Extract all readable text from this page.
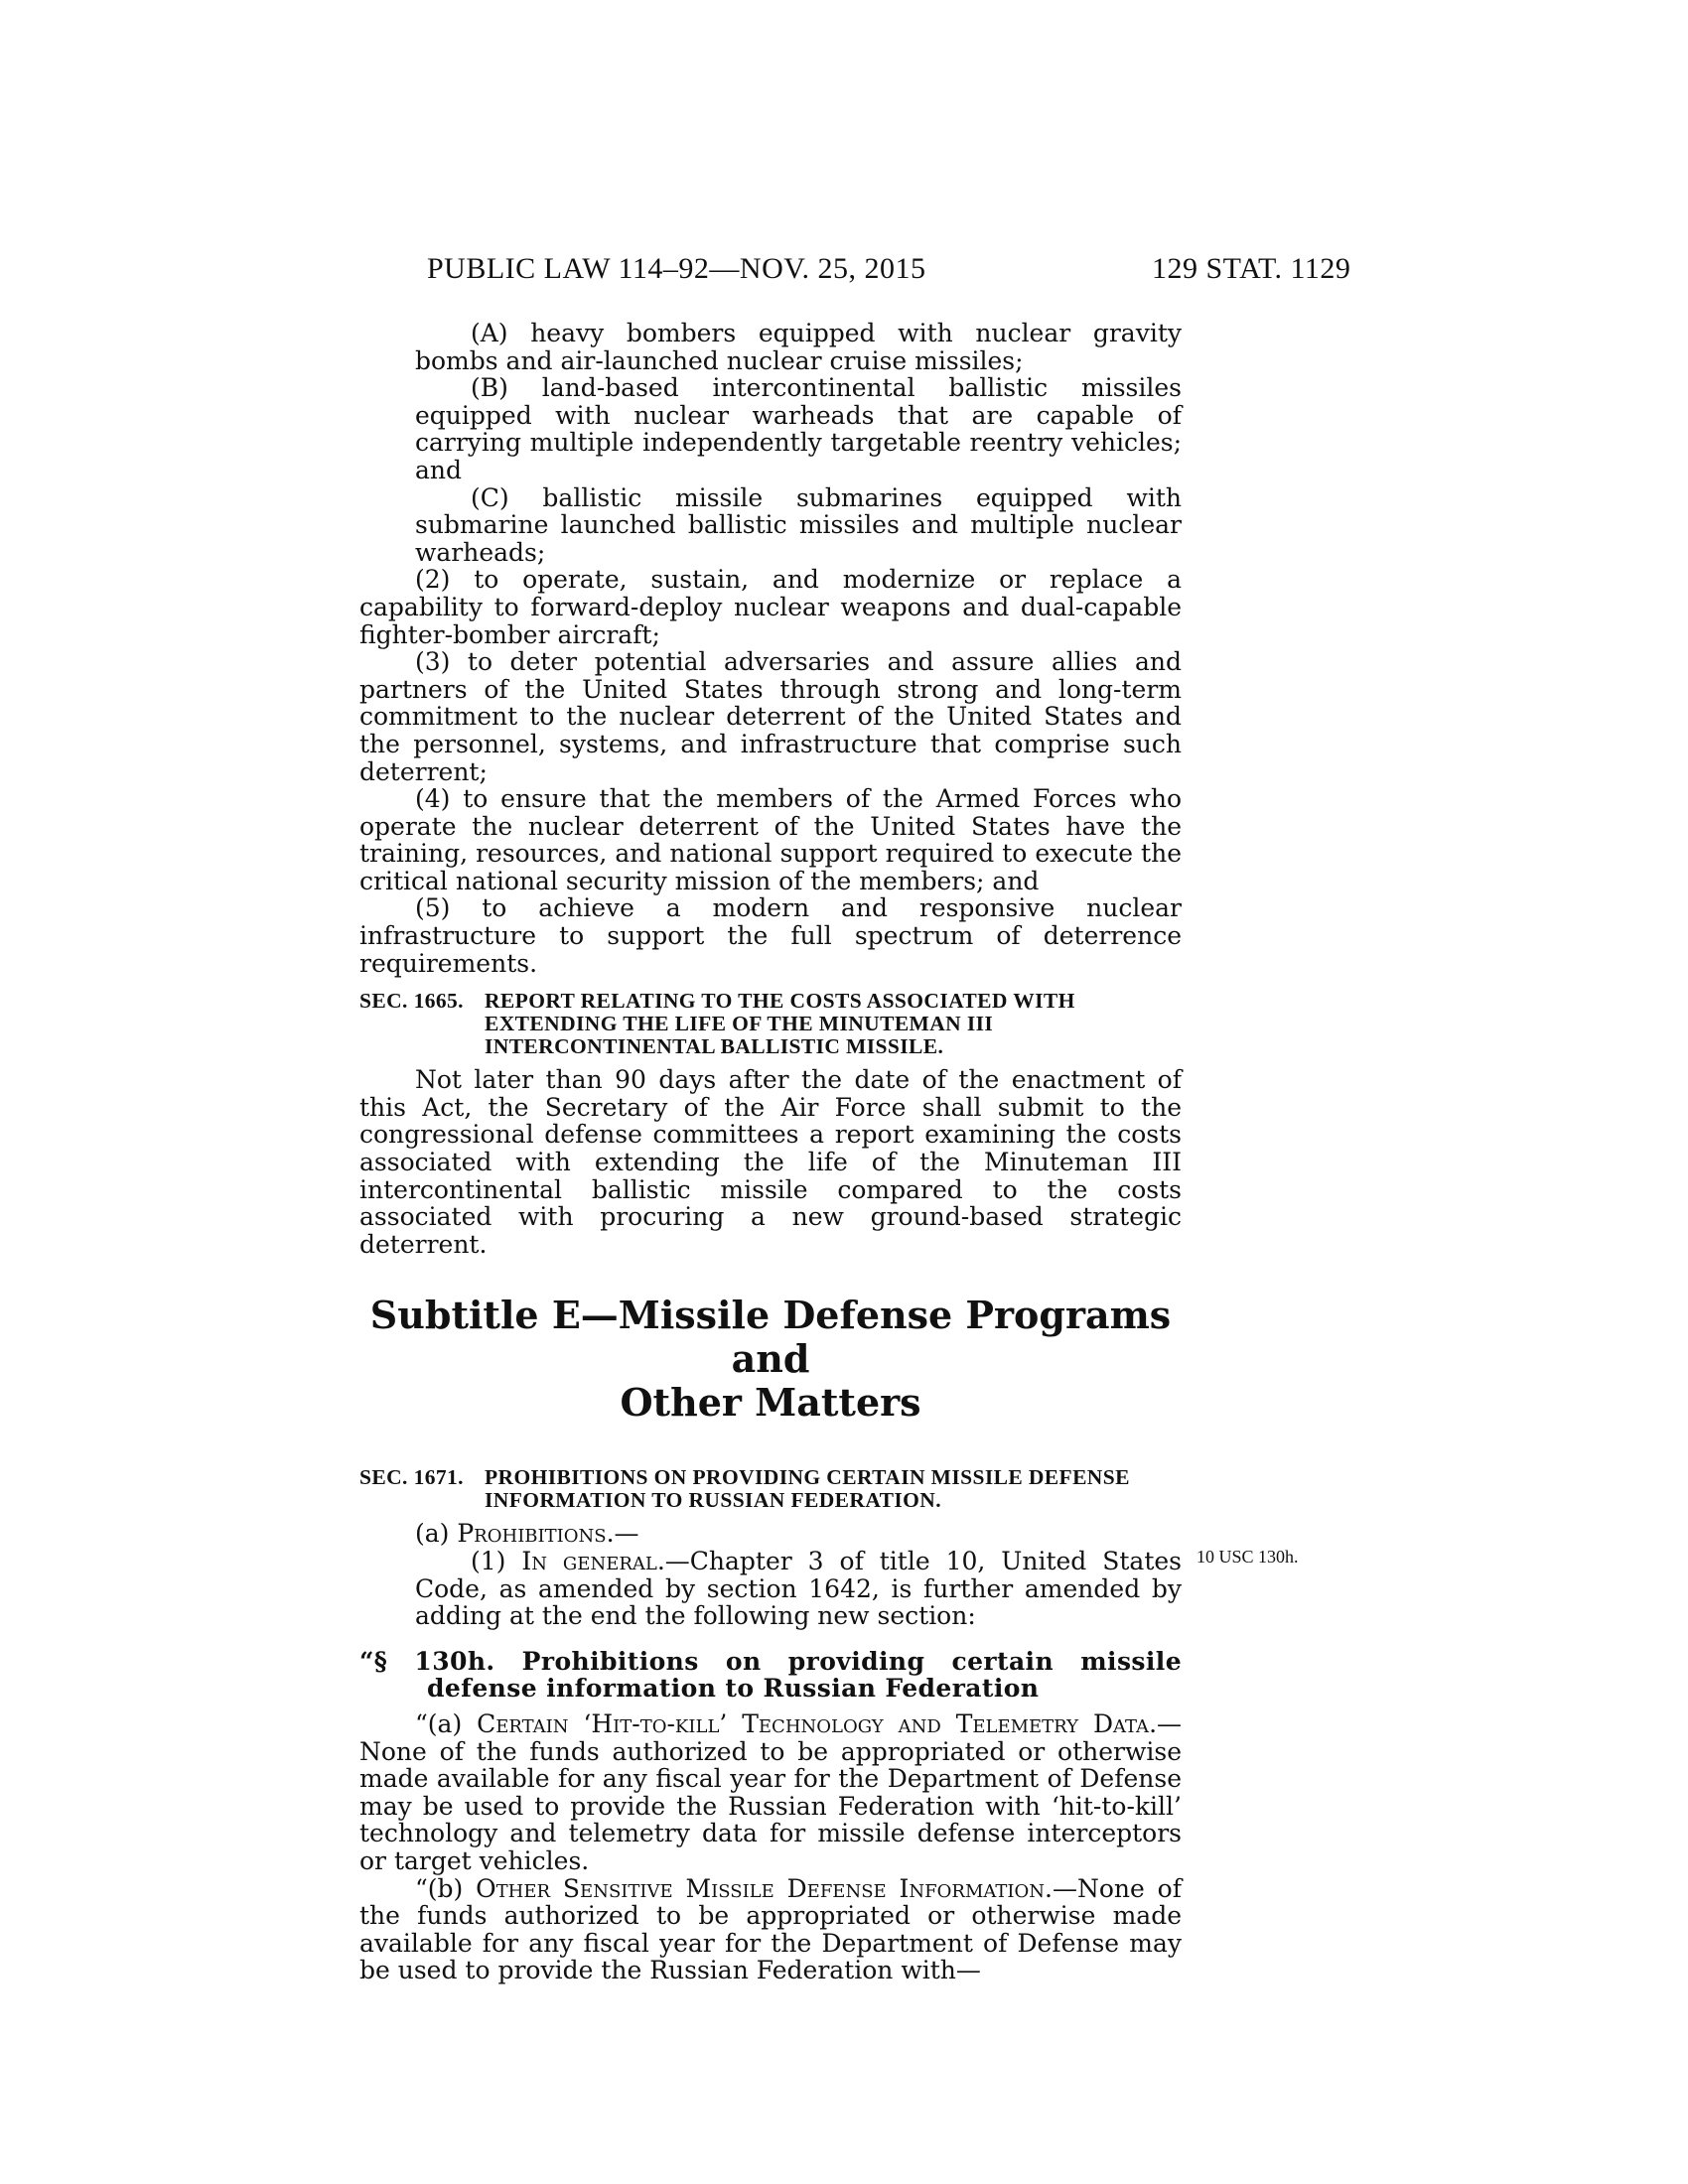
PUBLIC LAW 114–92—NOV. 25, 2015	129 STAT. 1129
10 USC 130h.

(A) heavy bombers equipped with nuclear gravity bombs and air-launched nuclear cruise missiles;

(B) land-based intercontinental ballistic missiles equipped with nuclear warheads that are capable of carrying multiple independently targetable reentry vehicles; and

(C) ballistic missile submarines equipped with submarine launched ballistic missiles and multiple nuclear warheads;

(2) to operate, sustain, and modernize or replace a capability to forward-deploy nuclear weapons and dual-capable fighter-bomber aircraft;

(3) to deter potential adversaries and assure allies and partners of the United States through strong and long-term commitment to the nuclear deterrent of the United States and the personnel, systems, and infrastructure that comprise such deterrent;

(4) to ensure that the members of the Armed Forces who operate the nuclear deterrent of the United States have the training, resources, and national support required to execute the critical national security mission of the members; and

(5) to achieve a modern and responsive nuclear infrastructure to support the full spectrum of deterrence requirements.

SEC. 1665. REPORT RELATING TO THE COSTS ASSOCIATED WITH EXTENDING THE LIFE OF THE MINUTEMAN III INTERCONTINENTAL BALLISTIC MISSILE.

Not later than 90 days after the date of the enactment of this Act, the Secretary of the Air Force shall submit to the congressional defense committees a report examining the costs associated with extending the life of the Minuteman III intercontinental ballistic missile compared to the costs associated with procuring a new ground-based strategic deterrent.

Subtitle E—Missile Defense Programs and
Other Matters
SEC. 1671. PROHIBITIONS ON PROVIDING CERTAIN MISSILE DEFENSE INFORMATION TO RUSSIAN FEDERATION.

(a) Prohibitions.—

(1) In general.—Chapter 3 of title 10, United States Code, as amended by section 1642, is further amended by adding at the end the following new section:

“§ 130h. Prohibitions on providing certain missile defense information to Russian Federation

“(a) Certain ‘Hit-to-kill’ Technology and Telemetry Data.—None of the funds authorized to be appropriated or otherwise made available for any fiscal year for the Department of Defense may be used to provide the Russian Federation with ‘hit-to-kill’ technology and telemetry data for missile defense interceptors or target vehicles.

“(b) Other Sensitive Missile Defense Information.—None of the funds authorized to be appropriated or otherwise made available for any fiscal year for the Department of Defense may be used to provide the Russian Federation with—
